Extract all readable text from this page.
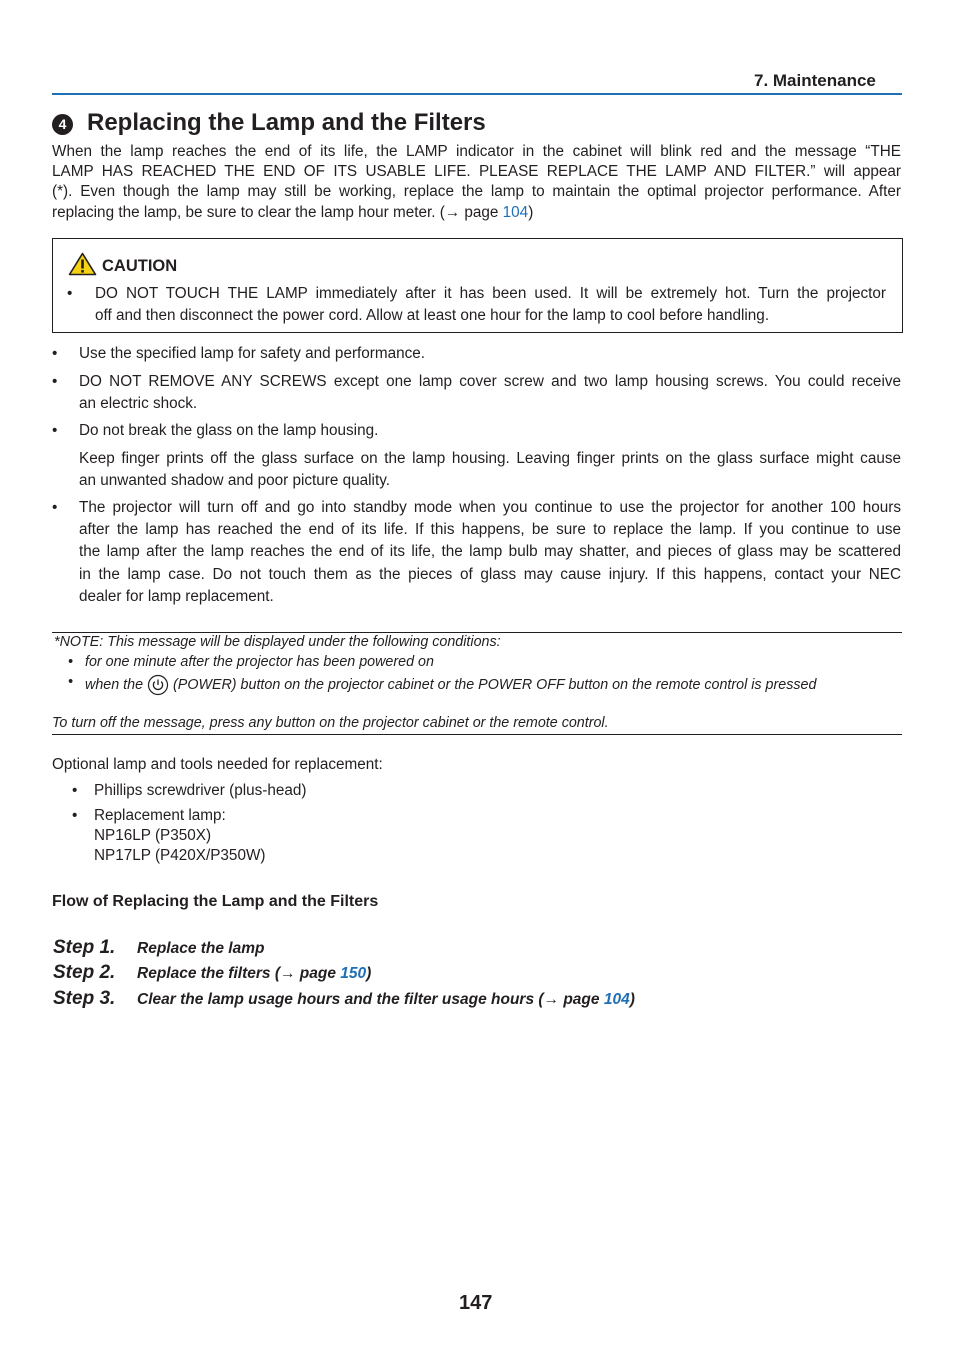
7. Maintenance
4 Replacing the Lamp and the Filters
When the lamp reaches the end of its life, the LAMP indicator in the cabinet will blink red and the message “THE
LAMP HAS REACHED THE END OF ITS USABLE LIFE. PLEASE REPLACE THE LAMP AND FILTER.” will appear
(*). Even though the lamp may still be working, replace the lamp to maintain the optimal projector performance. After
replacing the lamp, be sure to clear the lamp hour meter. (→ page 104)
CAUTION
• DO NOT TOUCH THE LAMP immediately after it has been used. It will be extremely hot. Turn the projector
off and then disconnect the power cord. Allow at least one hour for the lamp to cool before handling.
• Use the specified lamp for safety and performance.
• DO NOT REMOVE ANY SCREWS except one lamp cover screw and two lamp housing screws. You could receive
an electric shock.
• Do not break the glass on the lamp housing.
Keep finger prints off the glass surface on the lamp housing. Leaving finger prints on the glass surface might cause
an unwanted shadow and poor picture quality.
• The projector will turn off and go into standby mode when you continue to use the projector for another 100 hours
after the lamp has reached the end of its life. If this happens, be sure to replace the lamp. If you continue to use
the lamp after the lamp reaches the end of its life, the lamp bulb may shatter, and pieces of glass may be scattered
in the lamp case. Do not touch them as the pieces of glass may cause injury. If this happens, contact your NEC
dealer for lamp replacement.
*NOTE: This message will be displayed under the following conditions:
• for one minute after the projector has been powered on
• when the (POWER) button on the projector cabinet or the POWER OFF button on the remote control is pressed
To turn off the message, press any button on the projector cabinet or the remote control.
Optional lamp and tools needed for replacement:
• Phillips screwdriver (plus-head)
• Replacement lamp:
NP16LP (P350X)
NP17LP (P420X/P350W)
Flow of Replacing the Lamp and the Filters
Step 1. Replace the lamp
Step 2. Replace the filters (→ page 150)
Step 3. Clear the lamp usage hours and the filter usage hours (→ page 104)
147
